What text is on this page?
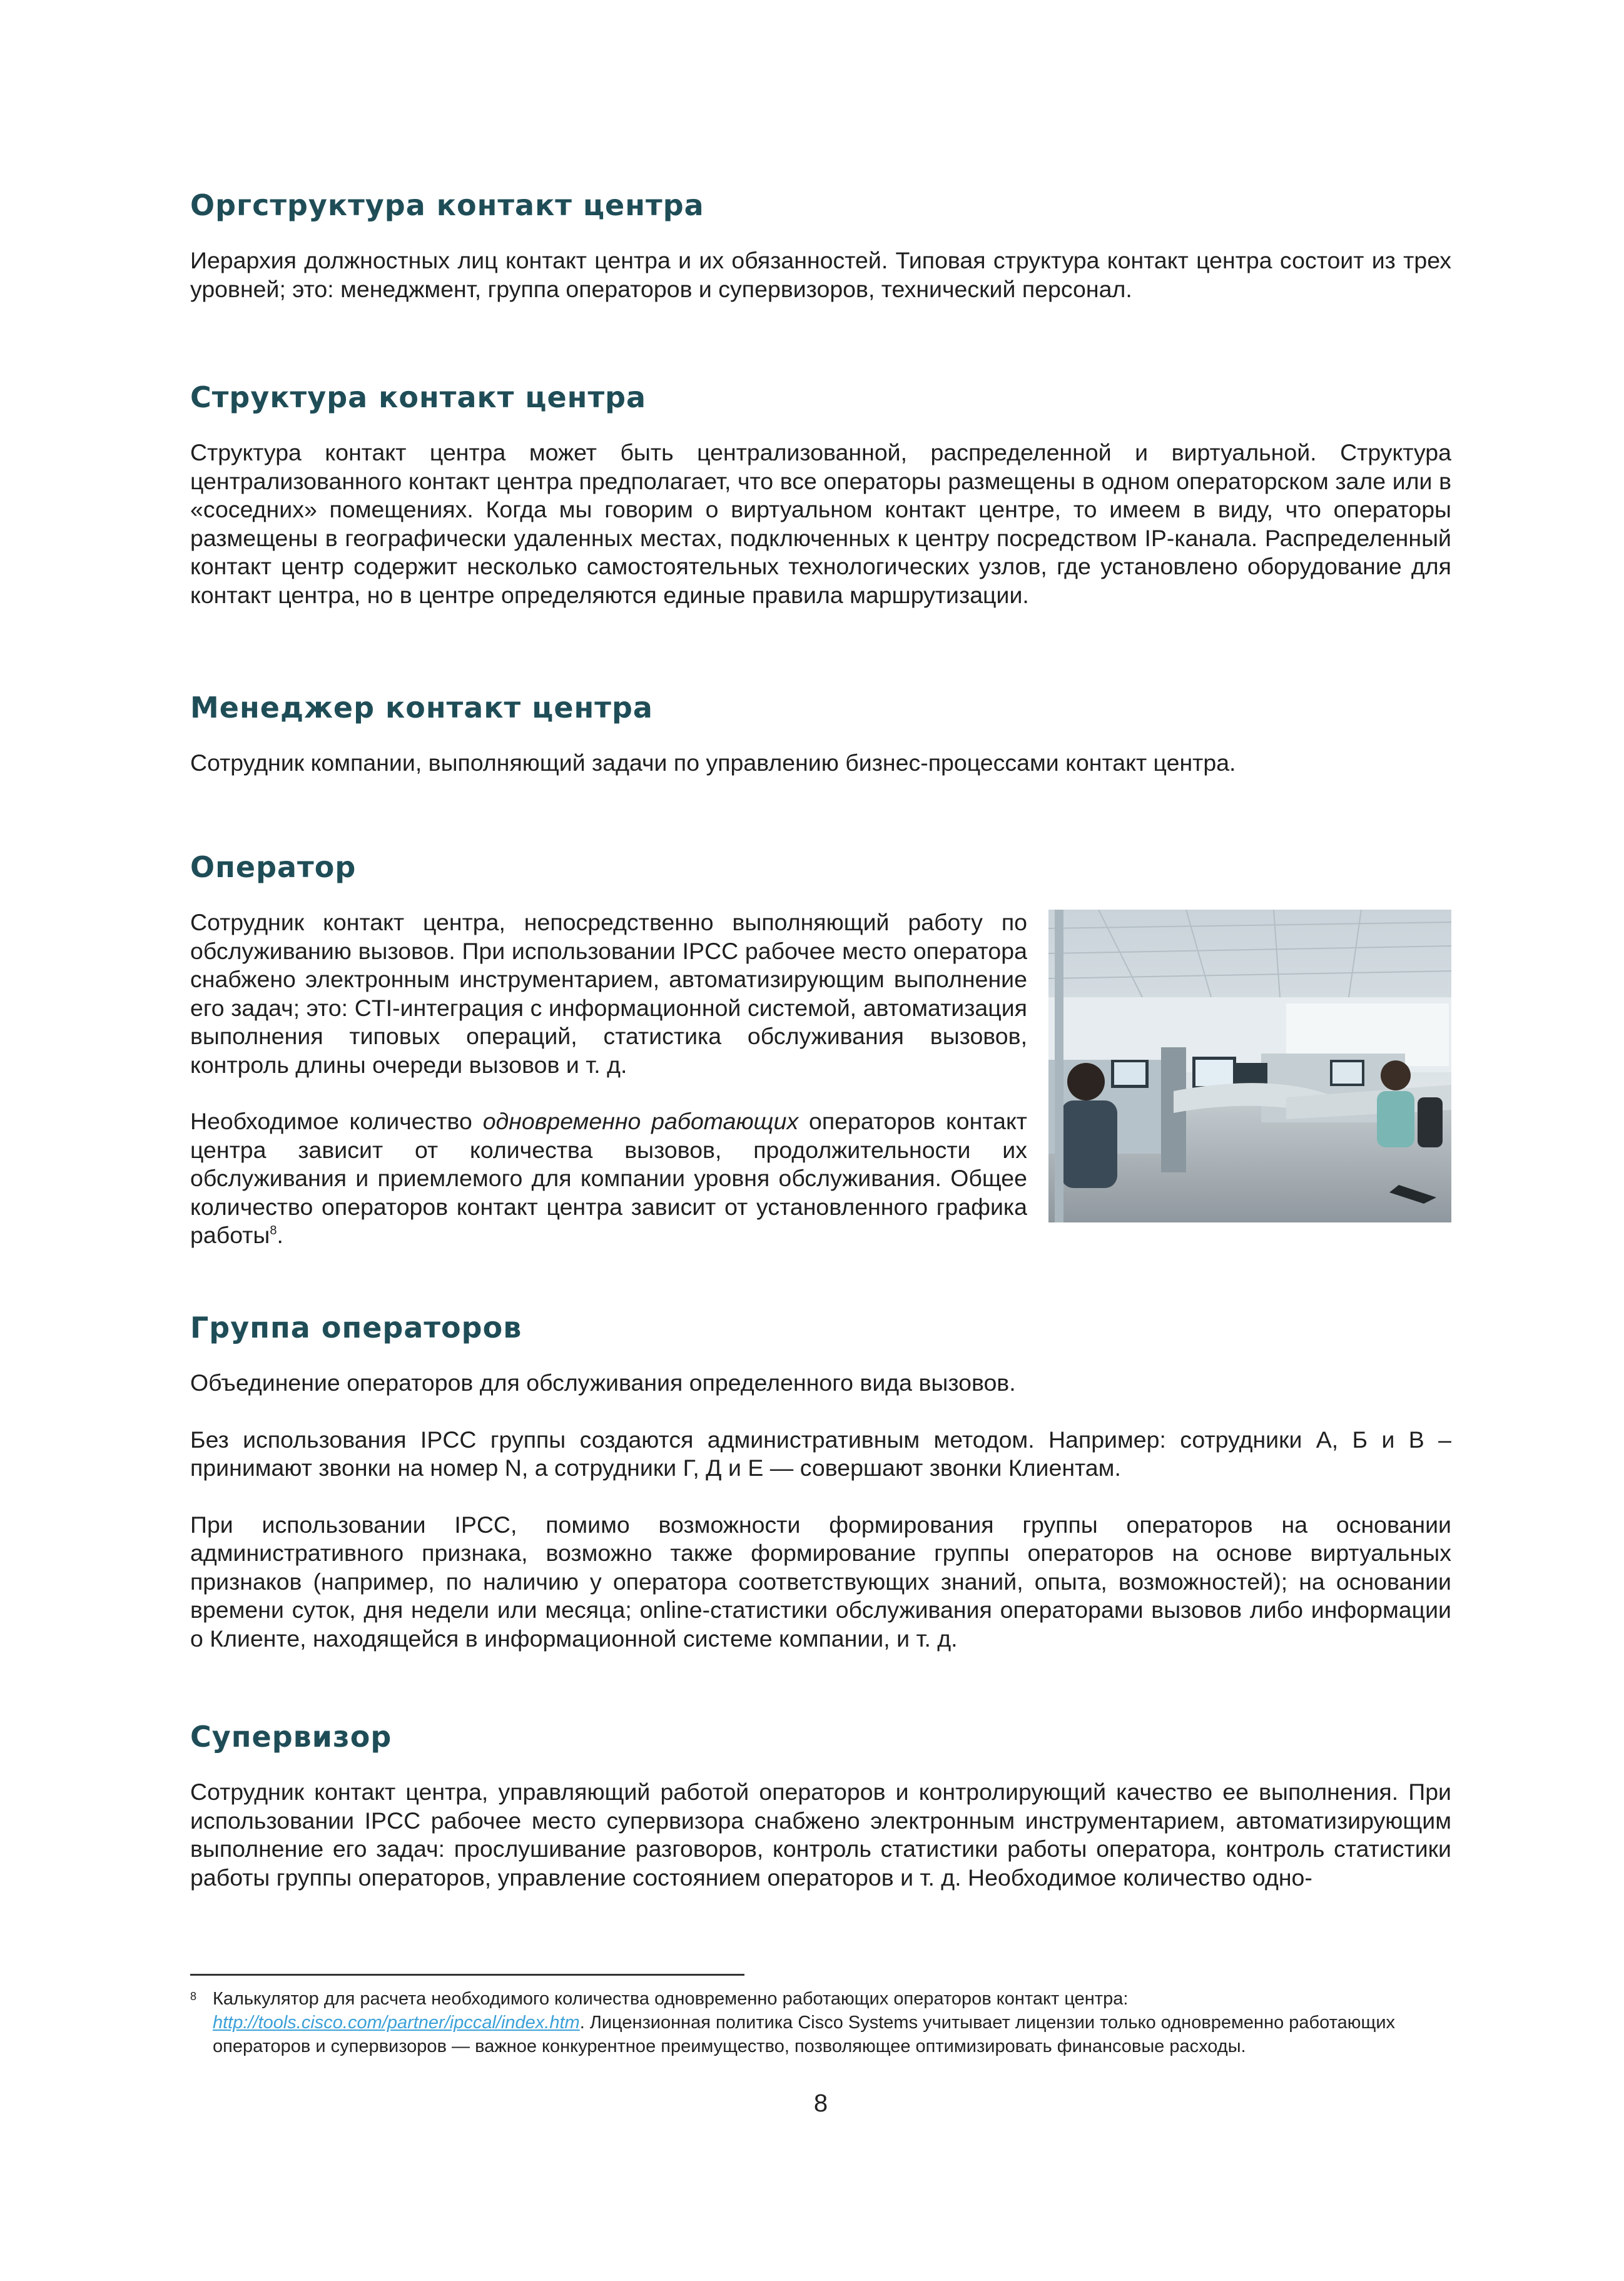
Оргструктура контакт центра

Иерархия должностных лиц контакт центра и их обязанностей. Типовая структура контакт центра состоит из трех уровней; это: менеджмент, группа операторов и супервизоров, технический персонал.

Структура контакт центра

Структура контакт центра может быть централизованной, распределенной и виртуальной. Структура централизованного контакт центра предполагает, что все операторы размещены в одном операторском зале или в «соседних» помещениях. Когда мы говорим о виртуальном контакт центре, то имеем в виду, что операторы размещены в географически удаленных местах, подключенных к центру посредством IP-канала. Распределенный контакт центр содержит несколько самостоятельных технологических узлов, где установлено оборудование для контакт центра, но в центре определяются единые правила маршрутизации.

Менеджер контакт центра

Сотрудник компании, выполняющий задачи по управлению бизнес-процессами контакт центра.

Оператор

Сотрудник контакт центра, непосредственно выполняющий работу по обслуживанию вызовов. При использовании IPCC рабочее место оператора снабжено электронным инструментарием, автоматизирующим выполнение его задач; это: CTI-интеграция с информационной системой, автоматизация выполнения типовых операций, статистика обслуживания вызовов, контроль длины очереди вызовов и т. д.

Необходимое количество одновременно работающих операторов контакт центра зависит от количества вызовов, продолжительности их обслуживания и приемлемого для компании уровня обслуживания. Общее количество операторов контакт центра зависит от установленного графика работы$^8$.

Группа операторов

Объединение операторов для обслуживания определенного вида вызовов.

Без использования IPCC группы создаются административным методом. Например: сотрудники А, Б и В – принимают звонки на номер N, а сотрудники Г, Д и Е — совершают звонки Клиентам.

При использовании IPCC, помимо возможности формирования группы операторов на основании административного признака, возможно также формирование группы операторов на основе виртуальных признаков (например, по наличию у оператора соответствующих знаний, опыта, возможностей); на основании времени суток, дня недели или месяца; online-статистики обслуживания операторами вызовов либо информации о Клиенте, находящейся в информационной системе компании, и т. д.

Супервизор

Сотрудник контакт центра, управляющий работой операторов и контролирующий качество ее выполнения. При использовании IPCC рабочее место супервизора снабжено электронным инструментарием, автоматизирующим выполнение его задач: прослушивание разговоров, контроль статистики работы оператора, контроль статистики работы группы операторов, управление состоянием операторов и т. д. Необходимое количество одно-

8 Калькулятор для расчета необходимого количества одновременно работающих операторов контакт центра:
http://tools.cisco.com/partner/ipccal/index.htm. Лицензионная политика Cisco Systems учитывает лицензии только одновременно работающих операторов и супервизоров — важное конкурентное преимущество, позволяющее оптимизировать финансовые расходы.
8
